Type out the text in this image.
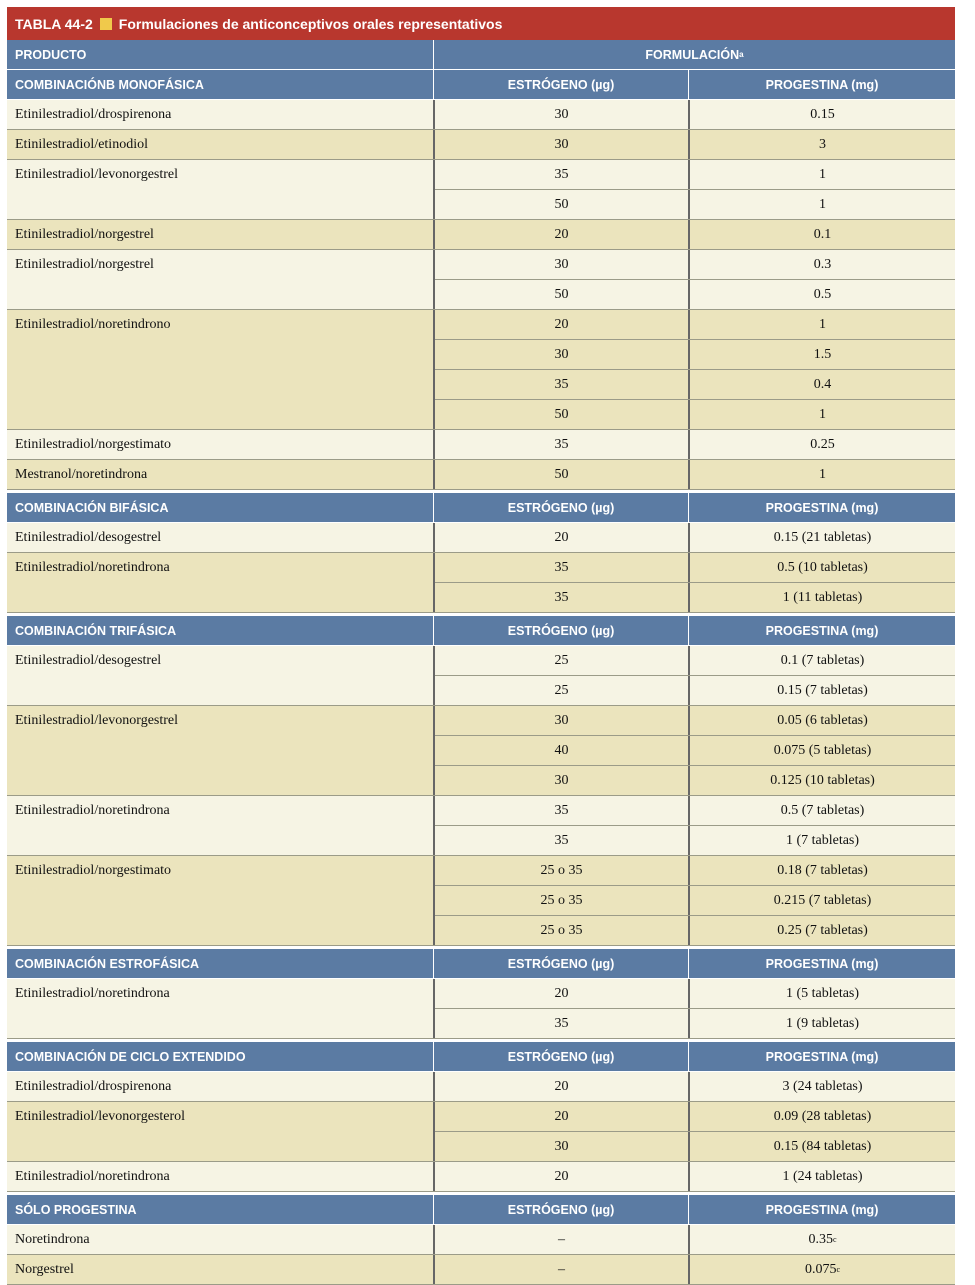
TABLA 44-2 Formulaciones de anticonceptivos orales representativos
PRODUCTO	FORMULACIÓN a
COMBINACIÓNB MONOFÁSICA	ESTRÓGENO (µg)	PROGESTINA (mg)
Etinilestradiol/drospirenona	30	0.15
Etinilestradiol/etinodiol	30	3
Etinilestradiol/levonorgestrel	35	1
50	1
Etinilestradiol/norgestrel	20	0.1
Etinilestradiol/norgestrel	30	0.3
50	0.5
Etinilestradiol/noretindrono	20	1
30	1.5
35	0.4
50	1
Etinilestradiol/norgestimato	35	0.25
Mestranol/noretindrona	50	1
COMBINACIÓN BIFÁSICA	ESTRÓGENO (µg)	PROGESTINA (mg)
Etinilestradiol/desogestrel	20	0.15 (21 tabletas)
Etinilestradiol/noretindrona	35	0.5 (10 tabletas)
35	1 (11 tabletas)
COMBINACIÓN TRIFÁSICA	ESTRÓGENO (µg)	PROGESTINA (mg)
Etinilestradiol/desogestrel	25	0.1 (7 tabletas)
25	0.15 (7 tabletas)
Etinilestradiol/levonorgestrel	30	0.05 (6 tabletas)
40	0.075 (5 tabletas)
30	0.125 (10 tabletas)
Etinilestradiol/noretindrona	35	0.5 (7 tabletas)
35	1 (7 tabletas)
Etinilestradiol/norgestimato	25 o 35	0.18 (7 tabletas)
25 o 35	0.215 (7 tabletas)
25 o 35	0.25 (7 tabletas)
COMBINACIÓN ESTROFÁSICA	ESTRÓGENO (µg)	PROGESTINA (mg)
Etinilestradiol/noretindrona	20	1 (5 tabletas)
35	1 (9 tabletas)
COMBINACIÓN DE CICLO EXTENDIDO	ESTRÓGENO (µg)	PROGESTINA (mg)
Etinilestradiol/drospirenona	20	3 (24 tabletas)
Etinilestradiol/levonorgesterol	20	0.09 (28 tabletas)
30	0.15 (84 tabletas)
Etinilestradiol/noretindrona	20	1 (24 tabletas)
SÓLO PROGESTINA	ESTRÓGENO (µg)	PROGESTINA (mg)
Noretindrona	–	0.35 c
Norgestrel	–	0.075 c
